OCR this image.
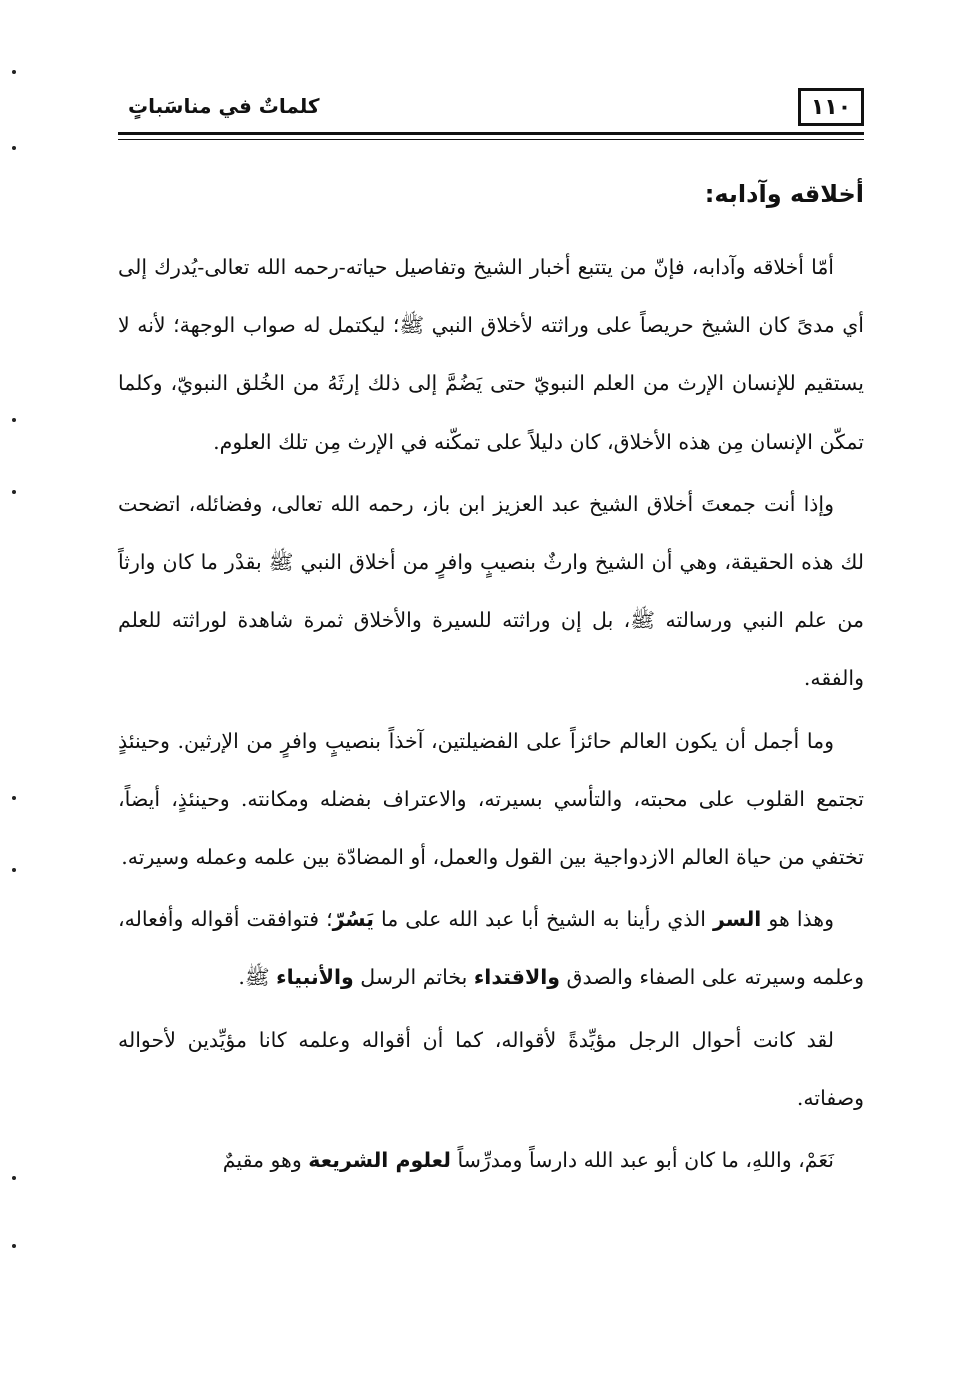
١١٠
كلماتٌ في مناسَباتٍ
أخلاقه وآدابه:

أمّا أخلاقه وآدابه، فإنّ من يتتبع أخبار الشيخ وتفاصيل حياته-رحمه الله تعالى-يُدرك إلى أي مدىً كان الشيخ حريصاً على وراثته لأخلاق النبي ﷺ؛ ليكتمل له صواب الوجهة؛ لأنه لا يستقيم للإنسان الإرث من العلم النبويّ حتى يَضُمَّ إلى ذلك إرثَهُ من الخُلق النبويّ، وكلما تمكّن الإنسان مِن هذه الأخلاق، كان دليلاً على تمكّنه في الإرث مِن تلك العلوم.

وإذا أنت جمعتَ أخلاق الشيخ عبد العزيز ابن باز، رحمه الله تعالى، وفضائله، اتضحت لك هذه الحقيقة، وهي أن الشيخ وارثٌ بنصيبٍ وافرٍ من أخلاق النبي ﷺ بقدْر ما كان وارثاً من علم النبي ورسالته ﷺ، بل إن وراثته للسيرة والأخلاق ثمرة شاهدة لوراثته للعلم والفقه.

وما أجمل أن يكون العالم حائزاً على الفضيلتين، آخذاً بنصيبٍ وافرٍ من الإرثين. وحينئذٍ تجتمع القلوب على محبته، والتأسي بسيرته، والاعتراف بفضله ومكانته. وحينئذٍ، أيضاً، تختفي من حياة العالم الازدواجية بين القول والعمل، أو المضادّة بين علمه وعمله وسيرته.

وهذا هو السر الذي رأينا به الشيخ أبا عبد الله على ما يَسُرّ؛ فتوافقت أقواله وأفعاله، وعلمه وسيرته على الصفاء والصدق والاقتداء بخاتم الرسل والأنبياء ﷺ.

لقد كانت أحوال الرجل مؤيِّدةً لأقواله، كما أن أقواله وعلمه كانا مؤيِّدين لأحواله وصفاته.

نَعَمْ، واللهِ، ما كان أبو عبد الله دارساً ومدرِّساً لعلوم الشريعة وهو مقيمٌ
